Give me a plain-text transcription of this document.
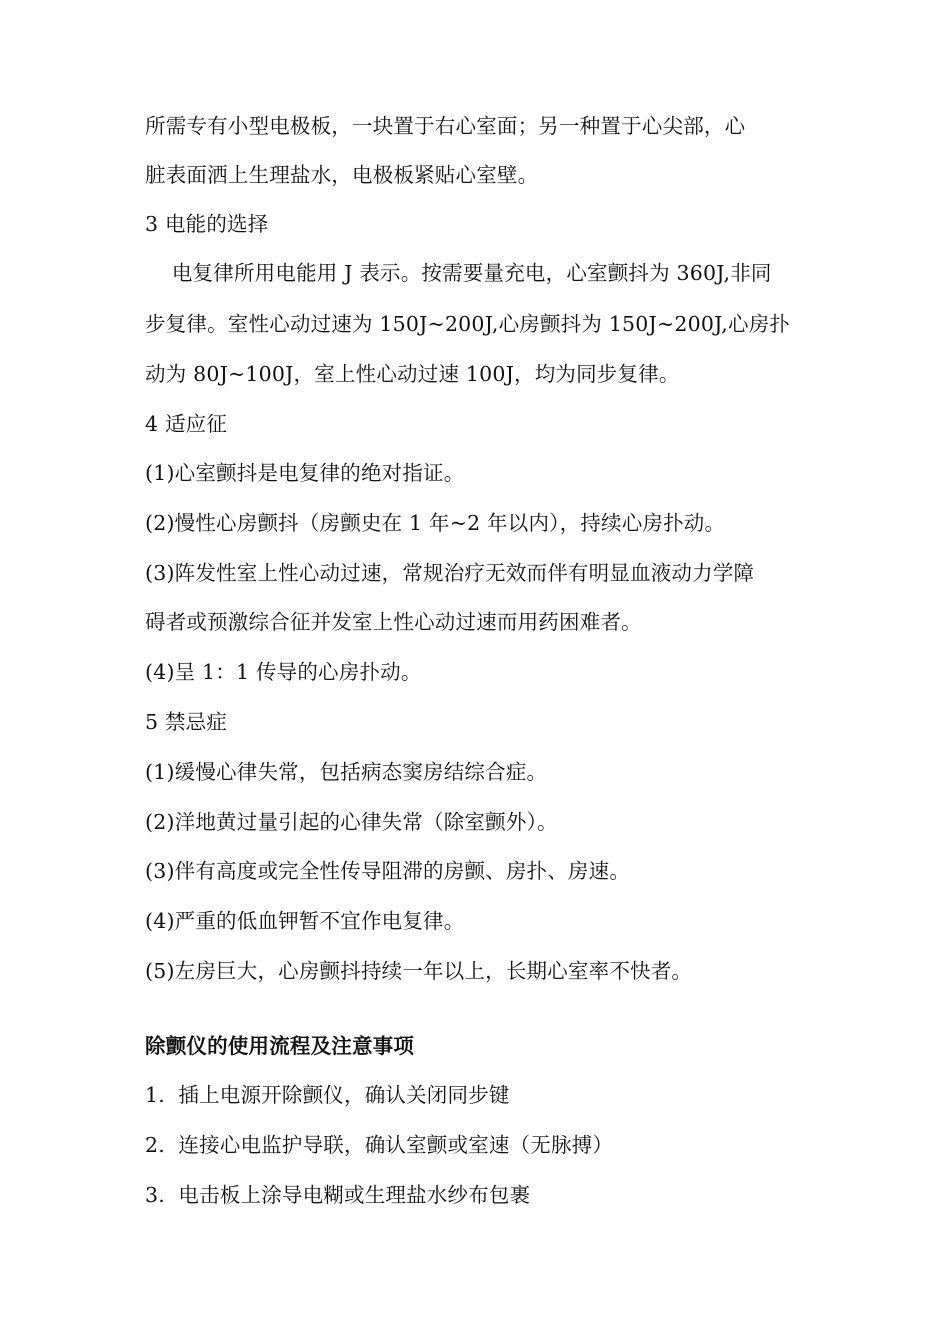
所需专有小型电极板，一块置于右心室面；另一种置于心尖部，心
脏表面洒上生理盐水，电极板紧贴心室壁。
3 电能的选择
电复律所用电能用 J 表示。按需要量充电，心室颤抖为 360J,非同
步复律。室性心动过速为 150J~200J,心房颤抖为 150J~200J,心房扑
动为 80J~100J，室上性心动过速 100J，均为同步复律。
4 适应征
(1)心室颤抖是电复律的绝对指证。
(2)慢性心房颤抖（房颤史在 1 年~2 年以内），持续心房扑动。
(3)阵发性室上性心动过速，常规治疗无效而伴有明显血液动力学障
碍者或预激综合征并发室上性心动过速而用药困难者。
(4)呈 1：1 传导的心房扑动。
5 禁忌症
(1)缓慢心律失常，包括病态窦房结综合症。
(2)洋地黄过量引起的心律失常（除室颤外）。
(3)伴有高度或完全性传导阻滞的房颤、房扑、房速。
(4)严重的低血钾暂不宜作电复律。
(5)左房巨大，心房颤抖持续一年以上，长期心室率不快者。
除颤仪的使用流程及注意事项
1.  插上电源开除颤仪，确认关闭同步键
2.  连接心电监护导联，确认室颤或室速（无脉搏）
3.  电击板上涂导电糊或生理盐水纱布包裹
